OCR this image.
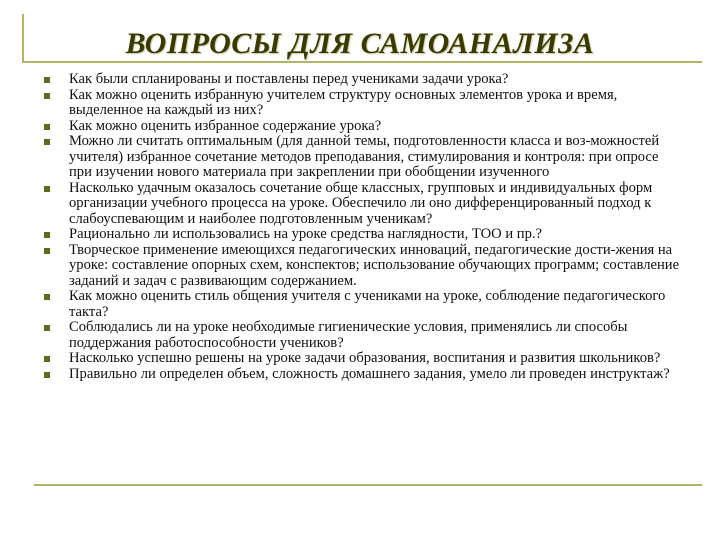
ВОПРОСЫ ДЛЯ САМОАНАЛИЗА
Как были спланированы и поставлены перед учениками задачи урока?
Как можно оценить избранную учителем структуру основных элементов урока и время, выделенное на каждый из них?
Как можно оценить избранное содержание урока?
Можно ли считать оптимальным (для данной темы, подготовленности класса и воз-можностей учителя) избранное сочетание методов преподавания, стимулирования и контроля: при опросе при изучении нового материала при закреплении при обобщении изученного
Насколько удачным оказалось сочетание обще классных, групповых и индивидуальных форм организации учебного процесса на уроке. Обеспечило ли оно дифференцированный подход к слабоуспевающим и наиболее подготовленным ученикам?
Рационально ли использовались на уроке средства наглядности, ТОО и пр.?
Творческое применение имеющихся педагогических инноваций, педагогические дости-жения на уроке: составление опорных схем, конспектов; использование обучающих программ; составление заданий и задач с развивающим содержанием.
Как можно оценить стиль общения учителя с учениками на уроке, соблюдение педагогического такта?
Соблюдались ли на уроке необходимые гигиенические условия, применялись ли способы поддержания работоспособности учеников?
Насколько успешно решены на уроке задачи образования, воспитания и развития школьников?
Правильно ли определен объем, сложность домашнего задания, умело ли проведен инструктаж?
